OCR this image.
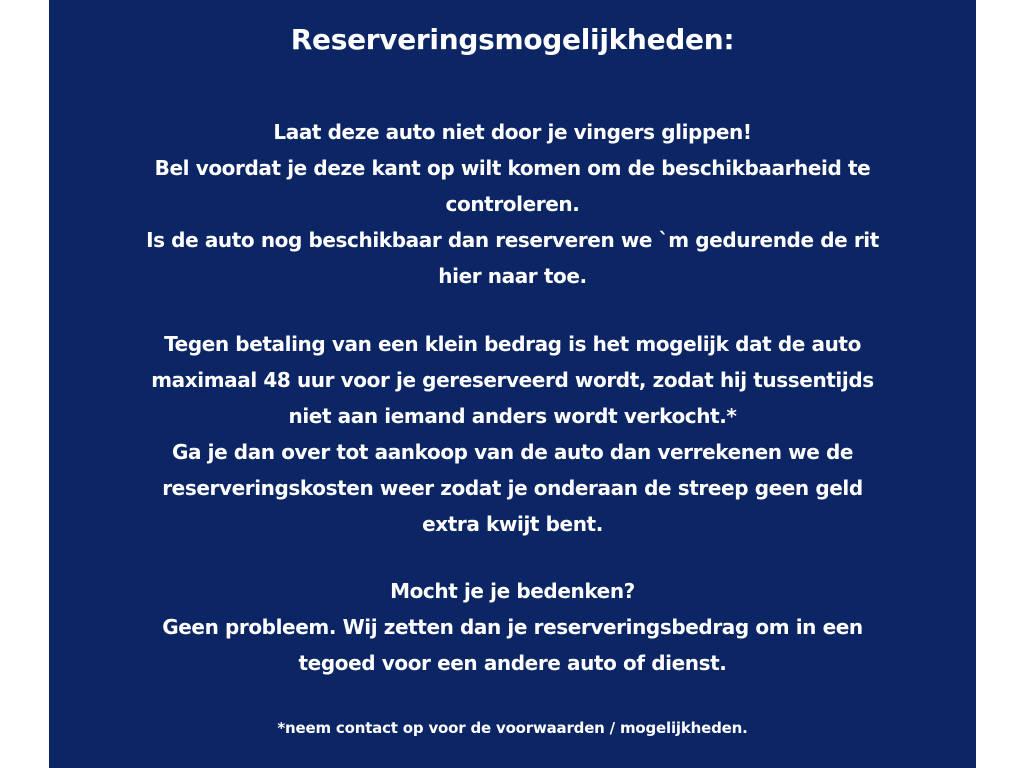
Reserveringsmogelijkheden:
Laat deze auto niet door je vingers glippen!
Bel voordat je deze kant op wilt komen om de beschikbaarheid te
controleren.
Is de auto nog beschikbaar dan reserveren we `m gedurende de rit
hier naar toe.
Tegen betaling van een klein bedrag is het mogelijk dat de auto
maximaal 48 uur voor je gereserveerd wordt, zodat hij tussentijds
niet aan iemand anders wordt verkocht.*
Ga je dan over tot aankoop van de auto dan verrekenen we de
reserveringskosten weer zodat je onderaan de streep geen geld
extra kwijt bent.
Mocht je je bedenken?
Geen probleem. Wij zetten dan je reserveringsbedrag om in een
tegoed voor een andere auto of dienst.
*neem contact op voor de voorwaarden / mogelijkheden.
